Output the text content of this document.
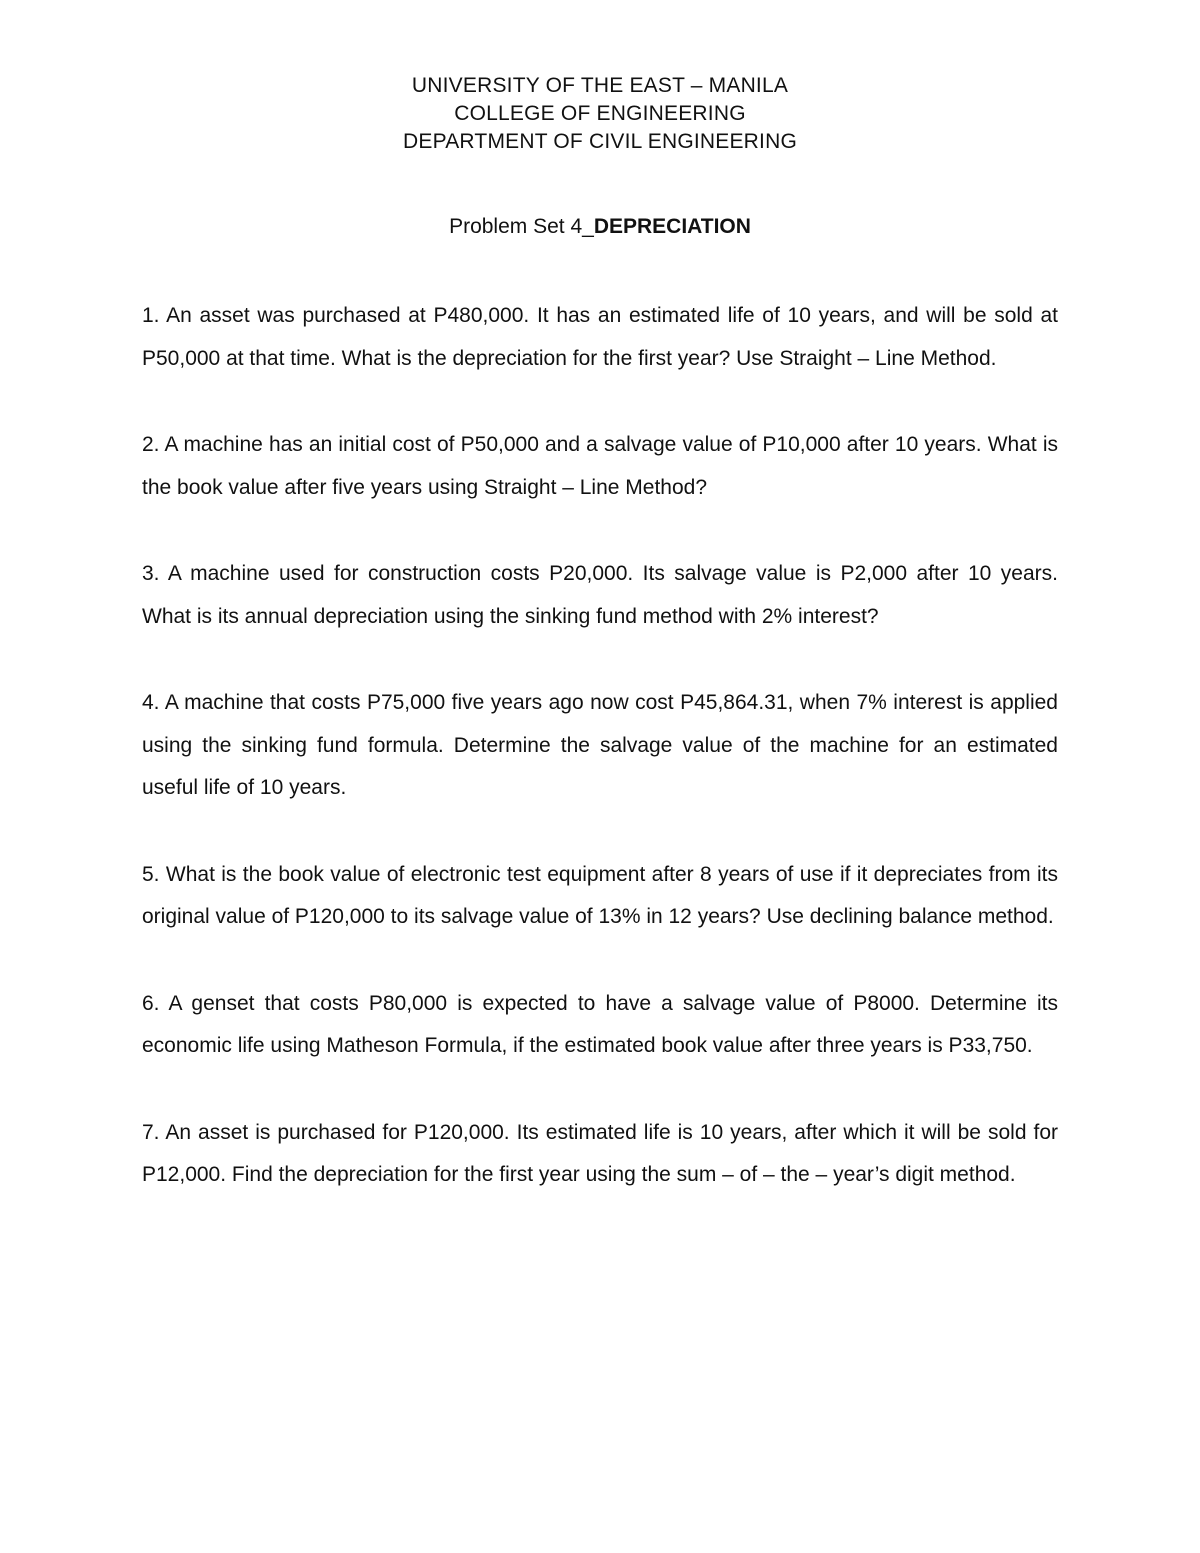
UNIVERSITY OF THE EAST – MANILA
COLLEGE OF ENGINEERING
DEPARTMENT OF CIVIL ENGINEERING
Problem Set 4_DEPRECIATION

1. An asset was purchased at P480,000. It has an estimated life of 10 years, and will be sold at P50,000 at that time. What is the depreciation for the first year? Use Straight – Line Method.

2. A machine has an initial cost of P50,000 and a salvage value of P10,000 after 10 years. What is the book value after five years using Straight – Line Method?

3. A machine used for construction costs P20,000. Its salvage value is P2,000 after 10 years. What is its annual depreciation using the sinking fund method with 2% interest?

4. A machine that costs P75,000 five years ago now cost P45,864.31, when 7% interest is applied using the sinking fund formula. Determine the salvage value of the machine for an estimated useful life of 10 years.

5. What is the book value of electronic test equipment after 8 years of use if it depreciates from its original value of P120,000 to its salvage value of 13% in 12 years? Use declining balance method.

6. A genset that costs P80,000 is expected to have a salvage value of P8000. Determine its economic life using Matheson Formula, if the estimated book value after three years is P33,750.

7. An asset is purchased for P120,000. Its estimated life is 10 years, after which it will be sold for P12,000. Find the depreciation for the first year using the sum – of – the – year’s digit method.
